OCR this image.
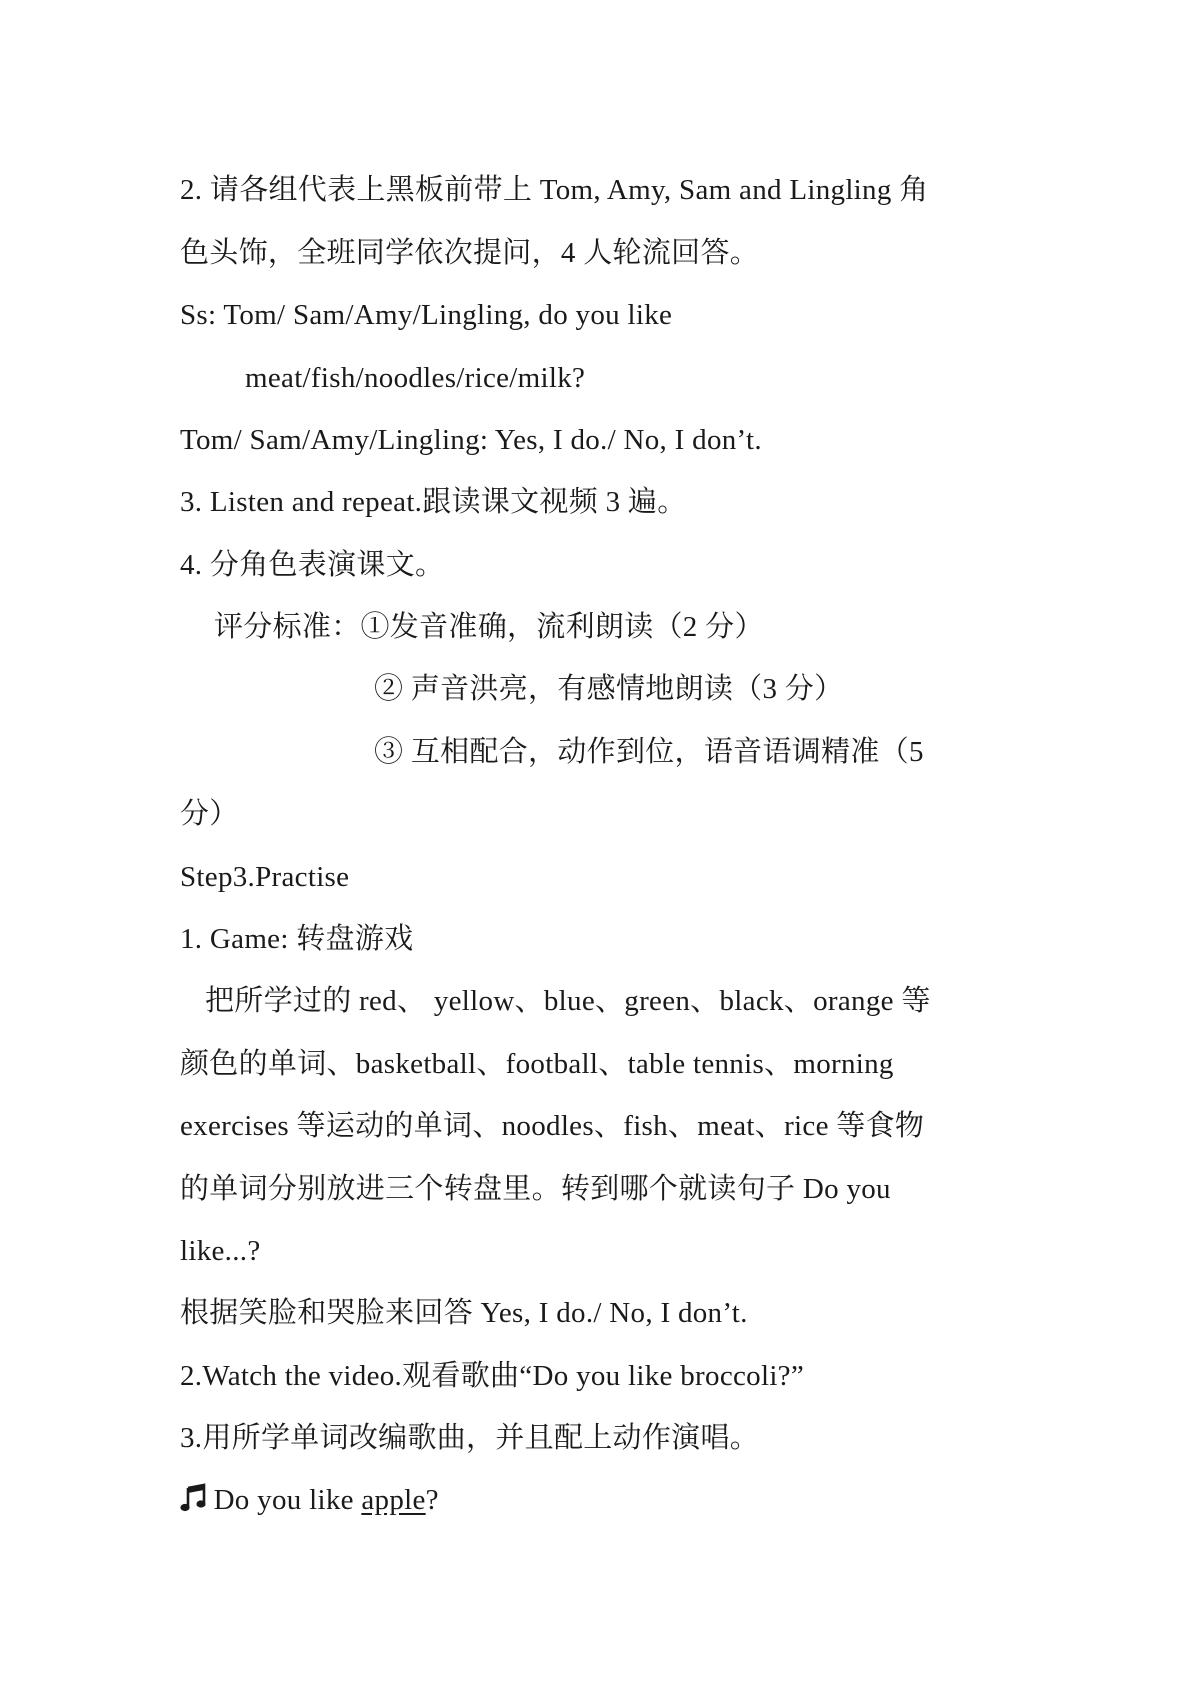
2. 请各组代表上黑板前带上 Tom, Amy, Sam and Lingling 角
色头饰，全班同学依次提问，4 人轮流回答。
Ss: Tom/ Sam/Amy/Lingling, do you like
meat/fish/noodles/rice/milk?
Tom/ Sam/Amy/Lingling: Yes, I do./ No, I don’t.
3. Listen and repeat.跟读课文视频 3 遍。
4. 分角色表演课文。
评分标准：①发音准确，流利朗读（2 分）
② 声音洪亮，有感情地朗读（3 分）
③ 互相配合，动作到位，语音语调精准（5
分）
Step3.Practise
1. Game: 转盘游戏
把所学过的 red、 yellow、blue、green、black、orange 等
颜色的单词、basketball、football、table tennis、morning
exercises 等运动的单词、noodles、fish、meat、rice 等食物
的单词分别放进三个转盘里。转到哪个就读句子 Do you
like...?
根据笑脸和哭脸来回答 Yes, I do./ No, I don’t.
2.Watch the video.观看歌曲“Do you like broccoli?”
3.用所学单词改编歌曲，并且配上动作演唱。
Do you like apple?
